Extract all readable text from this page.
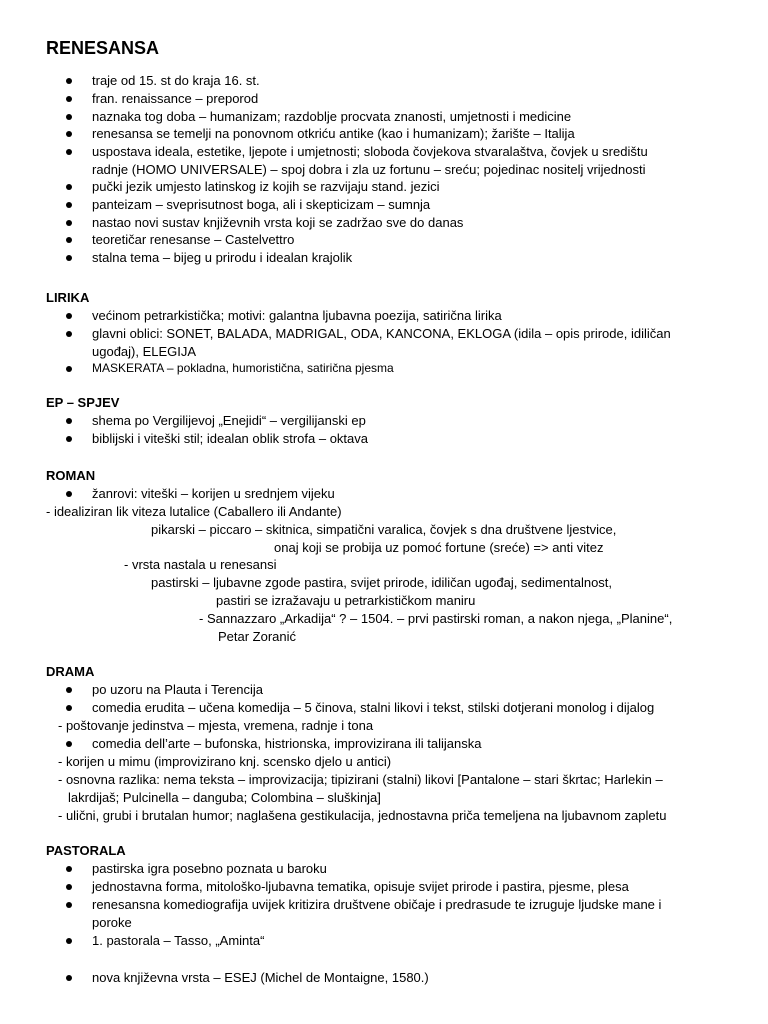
RENESANSA
traje od 15. st do kraja 16. st.
fran. renaissance – preporod
naznaka tog doba – humanizam; razdoblje procvata znanosti, umjetnosti i medicine
renesansa se temelji na ponovnom otkriću antike (kao i humanizam); žarište – Italija
uspostava ideala, estetike, ljepote i umjetnosti; sloboda čovjekova stvaralaštva, čovjek u središtu
radnje (HOMO UNIVERSALE) – spoj dobra i zla uz fortunu – sreću; pojedinac nositelj vrijednosti
pučki jezik umjesto latinskog iz kojih se razvijaju stand. jezici
panteizam – sveprisutnost boga, ali i skepticizam – sumnja
nastao novi sustav književnih vrsta koji se zadržao sve do danas
teoretičar renesanse – Castelvettro
stalna tema – bijeg u prirodu i idealan krajolik
LIRIKA
većinom petrarkistička; motivi: galantna ljubavna poezija, satirična lirika
glavni oblici: SONET, BALADA, MADRIGAL, ODA, KANCONA, EKLOGA (idila – opis prirode, idiličan
ugođaj), ELEGIJA
MASKERATA – pokladna, humoristična, satirična pjesma
EP – SPJEV
shema po Vergilijevoj „Enejidi“ – vergilijanski ep
biblijski i viteški stil; idealan oblik strofa – oktava
ROMAN
žanrovi: viteški – korijen u srednjem vijeku
- idealiziran lik viteza lutalice (Caballero ili Andante)
pikarski – piccaro – skitnica, simpatični varalica, čovjek s dna društvene ljestvice,
onaj koji se probija uz pomoć fortune (sreće) => anti vitez
- vrsta nastala u renesansi
pastirski – ljubavne zgode pastira, svijet prirode, idiličan ugođaj, sedimentalnost,
pastiri se izražavaju u petrarkističkom maniru
- Sannazzaro „Arkadija“ ? – 1504. – prvi pastirski roman, a nakon njega, „Planine“,
Petar Zoranić
DRAMA
po uzoru na Plauta i Terencija
comedia erudita – učena komedija – 5 činova, stalni likovi i tekst, stilski dotjerani monolog i dijalog
- poštovanje jedinstva – mjesta, vremena, radnje i tona
comedia dell’arte – bufonska, histrionska, improvizirana ili talijanska
- korijen u mimu (improvizirano knj. scensko djelo u antici)
- osnovna razlika: nema teksta – improvizacija; tipizirani (stalni) likovi [Pantalone – stari škrtac; Harlekin –
lakrdijaš; Pulcinella – danguba; Colombina – sluškinja]
- ulični, grubi i brutalan humor; naglašena gestikulacija, jednostavna priča temeljena na ljubavnom zapletu
PASTORALA
pastirska igra posebno poznata u baroku
jednostavna forma, mitološko-ljubavna tematika, opisuje svijet prirode i pastira, pjesme, plesa
renesansna komediografija uvijek kritizira društvene običaje i predrasude te izruguje ljudske mane i
poroke
1. pastorala – Tasso, „Aminta“
nova književna vrsta – ESEJ (Michel de Montaigne, 1580.)
